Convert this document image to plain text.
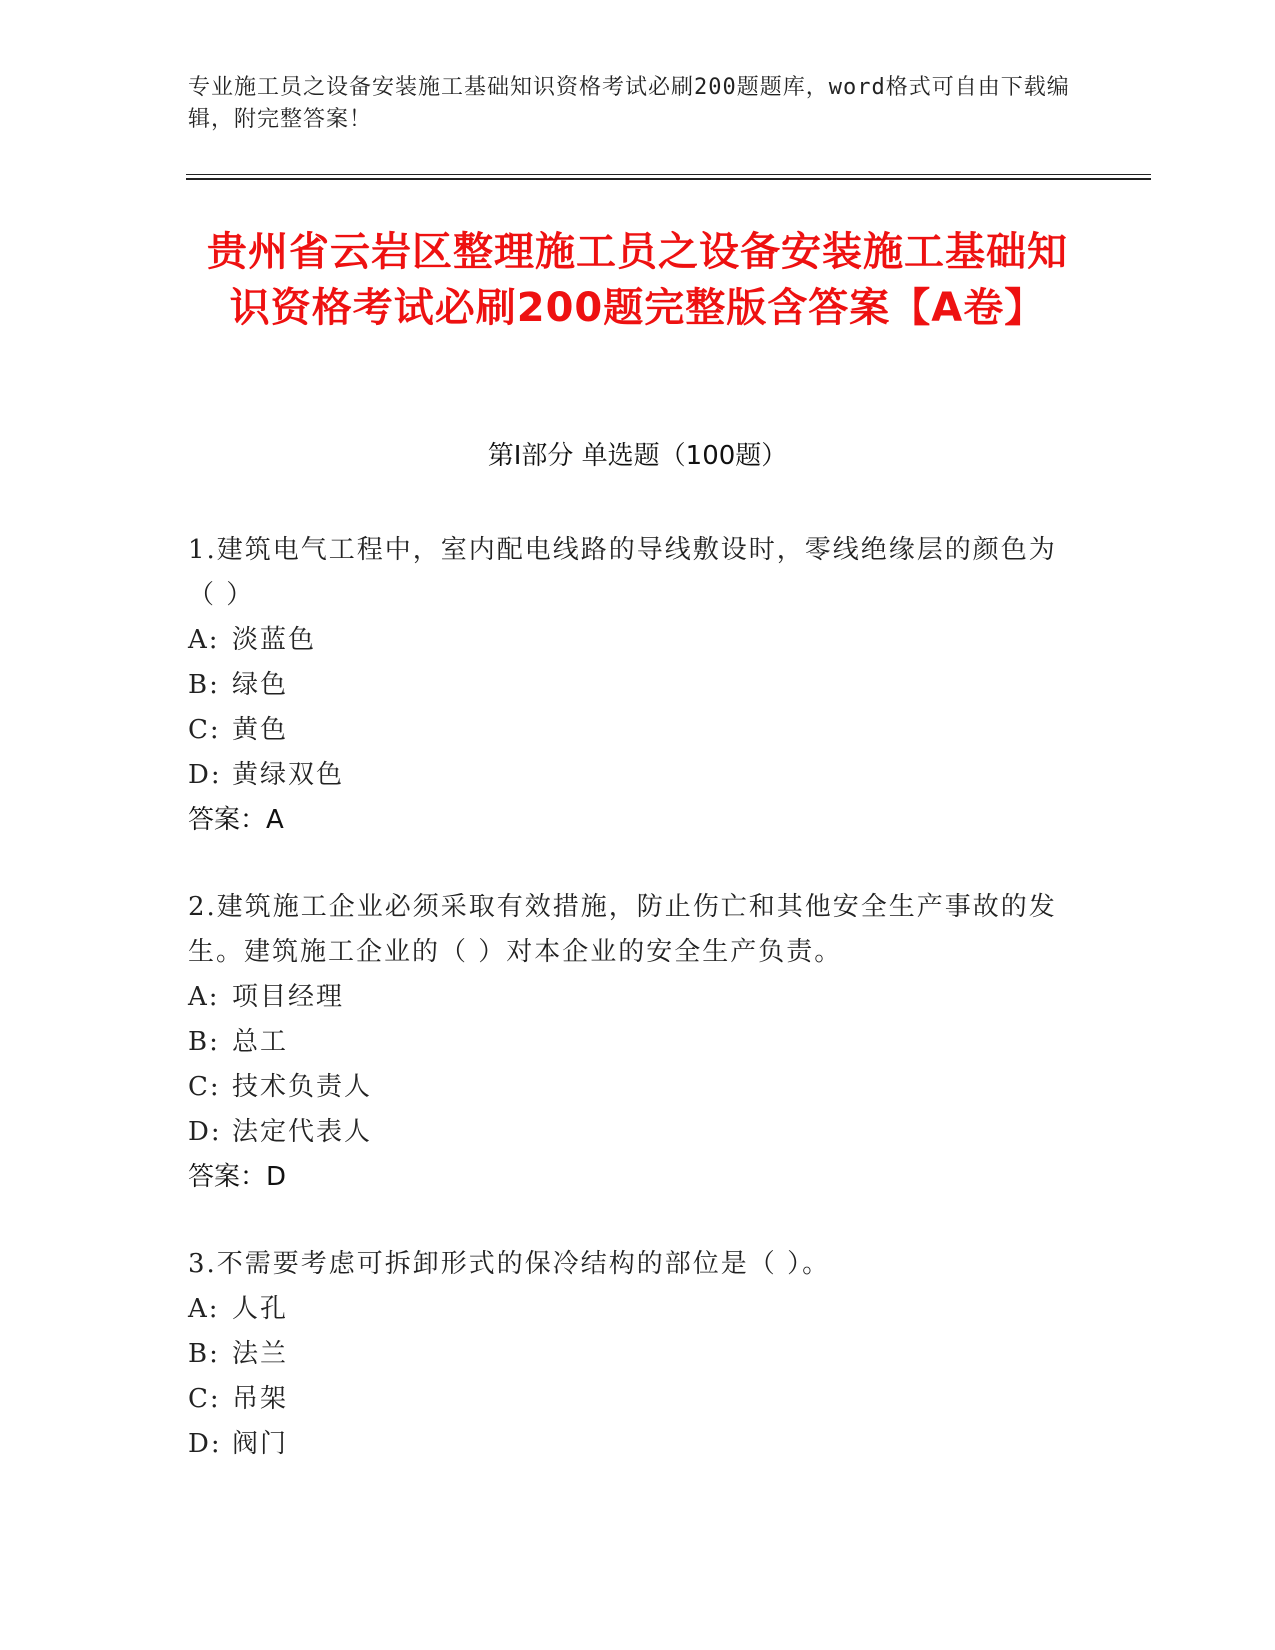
专业施工员之设备安装施工基础知识资格考试必刷200题题库，word格式可自由下载编辑，附完整答案！
贵州省云岩区整理施工员之设备安装施工基础知识资格考试必刷200题完整版含答案【A卷】
第I部分 单选题（100题）
1.建筑电气工程中，室内配电线路的导线敷设时，零线绝缘层的颜色为（ ）
A: 淡蓝色
B: 绿色
C: 黄色
D: 黄绿双色
答案：A
2.建筑施工企业必须采取有效措施，防止伤亡和其他安全生产事故的发生。建筑施工企业的（ ）对本企业的安全生产负责。
A: 项目经理
B: 总工
C: 技术负责人
D: 法定代表人
答案：D
3.不需要考虑可拆卸形式的保冷结构的部位是（ ）。
A: 人孔
B: 法兰
C: 吊架
D: 阀门
